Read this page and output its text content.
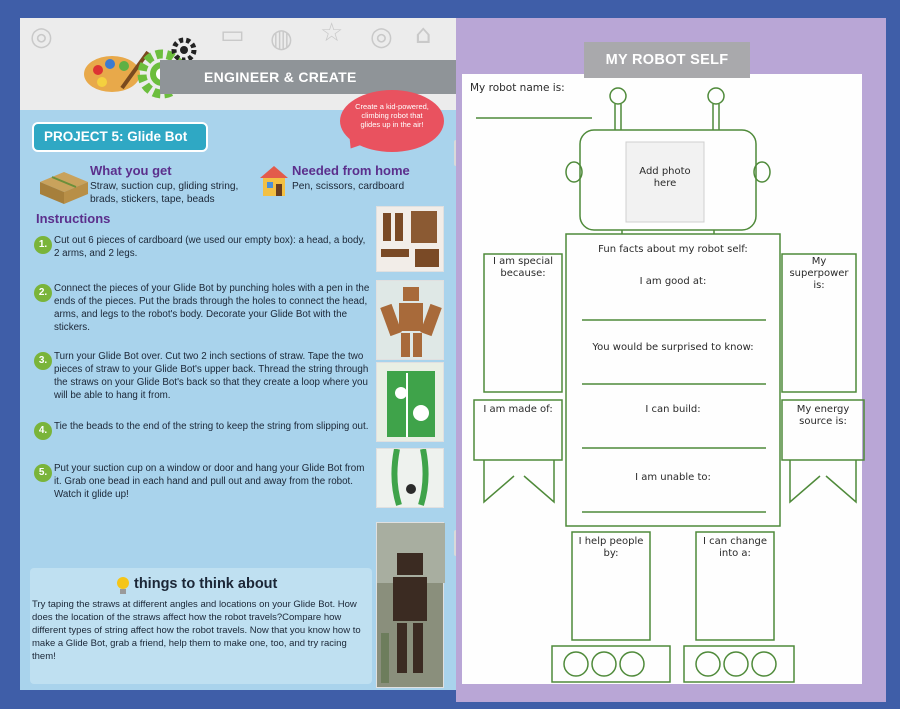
◎	▭ ◍ ☆ ◎ ⌂
ENGINEER & CREATE
Create a kid-powered, climbing robot that glides up in the air!
PROJECT 5: Glide Bot
What you get
Straw, suction cup, gliding string, brads, stickers, tape, beads
Needed from home
Pen, scissors, cardboard
Instructions
1. Cut out 6 pieces of cardboard (we used our empty box): a head, a body, 2 arms, and 2 legs.
2. Connect the pieces of your Glide Bot by punching holes with a pen in the ends of the pieces. Put the brads through the holes to connect the head, arms, and legs to the robot's body. Decorate your Glide Bot with the stickers.
3. Turn your Glide Bot over. Cut two 2 inch sections of straw. Tape the two pieces of straw to your Glide Bot's upper back. Thread the string through the straws on your Glide Bot's back so that they create a loop where you will be able to hang it from.
4. Tie the beads to the end of the string to keep the string from slipping out.
5. Put your suction cup on a window or door and hang your Glide Bot from it. Grab one bead in each hand and pull out and away from the robot. Watch it glide up!
things to think about
Try taping the straws at different angles and locations on your Glide Bot. How does the location of the straws affect how the robot travels?Compare how different types of string affect how the robot travels. Now that you know how to make a Glide Bot, grab a friend, help them to make one, too, and try racing them!
MY ROBOT SELF
My robot name is:
Add photo here
I am special because:
My superpower is:
I am made of:	My energy source is:
Fun facts about my robot self:
I am good at:
You would be surprised to know:
I can build:
I am unable to:
I help people by:
I can change into a:
